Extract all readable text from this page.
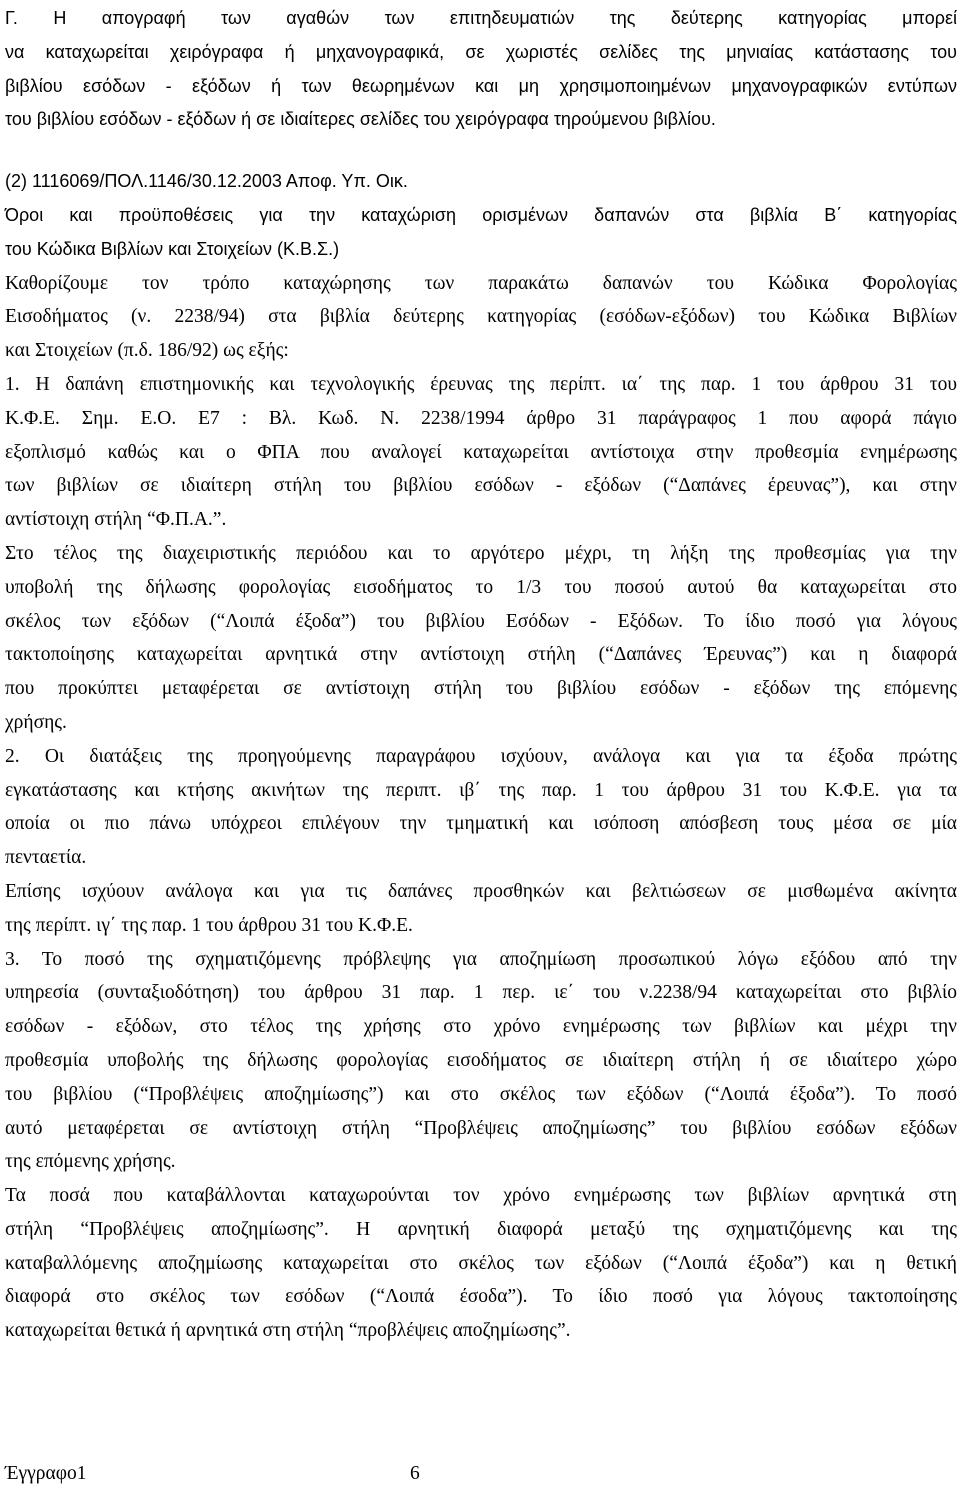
Γ. Η απογραφή των αγαθών των επιτηδευματιών της δεύτερης κατηγορίας μπορεί
να καταχωρείται χειρόγραφα ή μηχανογραφικά, σε χωριστές σελίδες της μηνιαίας κατάστασης του
βιβλίου εσόδων - εξόδων ή των θεωρημένων και μη χρησιμοποιημένων μηχανογραφικών εντύπων
του βιβλίου εσόδων - εξόδων ή σε ιδιαίτερες σελίδες του χειρόγραφα τηρούμενου βιβλίου.
(2) 1116069/ΠΟΛ.1146/30.12.2003 Αποφ. Υπ. Οικ.
Όροι και προϋποθέσεις για την καταχώριση ορισμένων δαπανών στα βιβλία Β΄ κατηγορίας
του Κώδικα Βιβλίων και Στοιχείων (Κ.Β.Σ.)
Καθορίζουμε τον τρόπο καταχώρησης των παρακάτω δαπανών του Κώδικα Φορολογίας
Εισοδήματος (ν. 2238/94) στα βιβλία δεύτερης κατηγορίας (εσόδων-εξόδων) του Κώδικα Βιβλίων
και Στοιχείων (π.δ. 186/92) ως εξής:
1. Η δαπάνη επιστημονικής και τεχνολογικής έρευνας της περίπτ. ια΄ της παρ. 1 του άρθρου 31 του
Κ.Φ.Ε. Σημ. Ε.Ο. Ε7 : Βλ. Κωδ. Ν. 2238/1994 άρθρο 31 παράγραφος 1 που αφορά πάγιο
εξοπλισμό καθώς και ο ΦΠΑ που αναλογεί καταχωρείται αντίστοιχα στην προθεσμία ενημέρωσης
των βιβλίων σε ιδιαίτερη στήλη του βιβλίου εσόδων - εξόδων (“Δαπάνες έρευνας”), και στην
αντίστοιχη στήλη “Φ.Π.Α.”.
Στο τέλος της διαχειριστικής περιόδου και το αργότερο μέχρι, τη λήξη της προθεσμίας για την
υποβολή της δήλωσης φορολογίας εισοδήματος το 1/3 του ποσού αυτού θα καταχωρείται στο
σκέλος των εξόδων (“Λοιπά έξοδα”) του βιβλίου Εσόδων - Εξόδων. Το ίδιο ποσό για λόγους
τακτοποίησης καταχωρείται αρνητικά στην αντίστοιχη στήλη (“Δαπάνες Έρευνας”) και η διαφορά
που προκύπτει μεταφέρεται σε αντίστοιχη στήλη του βιβλίου εσόδων - εξόδων της επόμενης
χρήσης.
2. Οι διατάξεις της προηγούμενης παραγράφου ισχύουν, ανάλογα και για τα έξοδα πρώτης
εγκατάστασης και κτήσης ακινήτων της περιπτ. ιβ΄ της παρ. 1 του άρθρου 31 του Κ.Φ.Ε. για τα
οποία οι πιο πάνω υπόχρεοι επιλέγουν την τμηματική και ισόποση απόσβεση τους μέσα σε μία
πενταετία.
Επίσης ισχύουν ανάλογα και για τις δαπάνες προσθηκών και βελτιώσεων σε μισθωμένα ακίνητα
της περίπτ. ιγ΄ της παρ. 1 του άρθρου 31 του Κ.Φ.Ε.
3. Το ποσό της σχηματιζόμενης πρόβλεψης για αποζημίωση προσωπικού λόγω εξόδου από την
υπηρεσία (συνταξιοδότηση) του άρθρου 31 παρ. 1 περ. ιε΄ του ν.2238/94 καταχωρείται στο βιβλίο
εσόδων - εξόδων, στο τέλος της χρήσης στο χρόνο ενημέρωσης των βιβλίων και μέχρι την
προθεσμία υποβολής της δήλωσης φορολογίας εισοδήματος σε ιδιαίτερη στήλη ή σε ιδιαίτερο χώρο
του βιβλίου (“Προβλέψεις αποζημίωσης”) και στο σκέλος των εξόδων (“Λοιπά έξοδα”). Το ποσό
αυτό μεταφέρεται σε αντίστοιχη στήλη “Προβλέψεις αποζημίωσης” του βιβλίου εσόδων εξόδων
της επόμενης χρήσης.
Τα ποσά που καταβάλλονται καταχωρούνται τον χρόνο ενημέρωσης των βιβλίων αρνητικά στη
στήλη “Προβλέψεις αποζημίωσης”. Η αρνητική διαφορά μεταξύ της σχηματιζόμενης και της
καταβαλλόμενης αποζημίωσης καταχωρείται στο σκέλος των εξόδων (“Λοιπά έξοδα”) και η θετική
διαφορά στο σκέλος των εσόδων (“Λοιπά έσοδα”). Το ίδιο ποσό για λόγους τακτοποίησης
καταχωρείται θετικά ή αρνητικά στη στήλη “προβλέψεις αποζημίωσης”.
Έγγραφο1	6
